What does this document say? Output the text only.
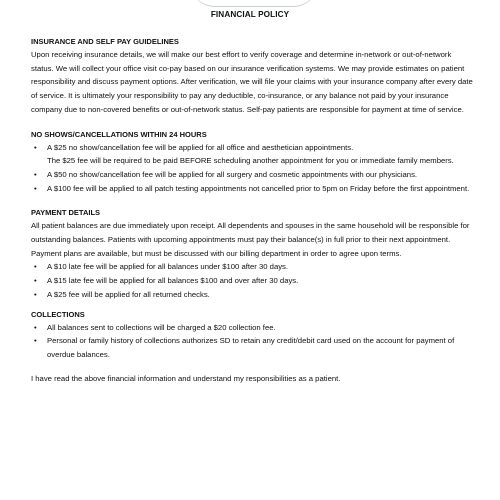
FINANCIAL POLICY

INSURANCE AND SELF PAY GUIDELINES

Upon receiving insurance details, we will make our best effort to verify coverage and determine in-network or out-of-network status. We will collect your office visit co-pay based on our insurance verification systems. We may provide estimates on patient responsibility and discuss payment options. After verification, we will file your claims with your insurance company after every date of service. It is ultimately your responsibility to pay any deductible, co-insurance, or any balance not paid by your insurance company due to non-covered benefits or out-of-network status. Self-pay patients are responsible for payment at time of service.

NO SHOWS/CANCELLATIONS WITHIN 24 HOURS

• A $25 no show/cancellation fee will be applied for all office and aesthetician appointments.
The $25 fee will be required to be paid BEFORE scheduling another appointment for you or immediate family members.
• A $50 no show/cancellation fee will be applied for all surgery and cosmetic appointments with our physicians.
• A $100 fee will be applied to all patch testing appointments not cancelled prior to 5pm on Friday before the first appointment.

PAYMENT DETAILS

All patient balances are due immediately upon receipt. All dependents and spouses in the same household will be responsible for outstanding balances. Patients with upcoming appointments must pay their balance(s) in full prior to their next appointment. Payment plans are available, but must be discussed with our billing department in order to agree upon terms.

• A $10 late fee will be applied for all balances under $100 after 30 days.
• A $15 late fee will be applied for all balances $100 and over after 30 days.
• A $25 fee will be applied for all returned checks.

COLLECTIONS

• All balances sent to collections will be charged a $20 collection fee.
• Personal or family history of collections authorizes SD to retain any credit/debit card used on the account for payment of overdue balances.

I have read the above financial information and understand my responsibilities as a patient.
